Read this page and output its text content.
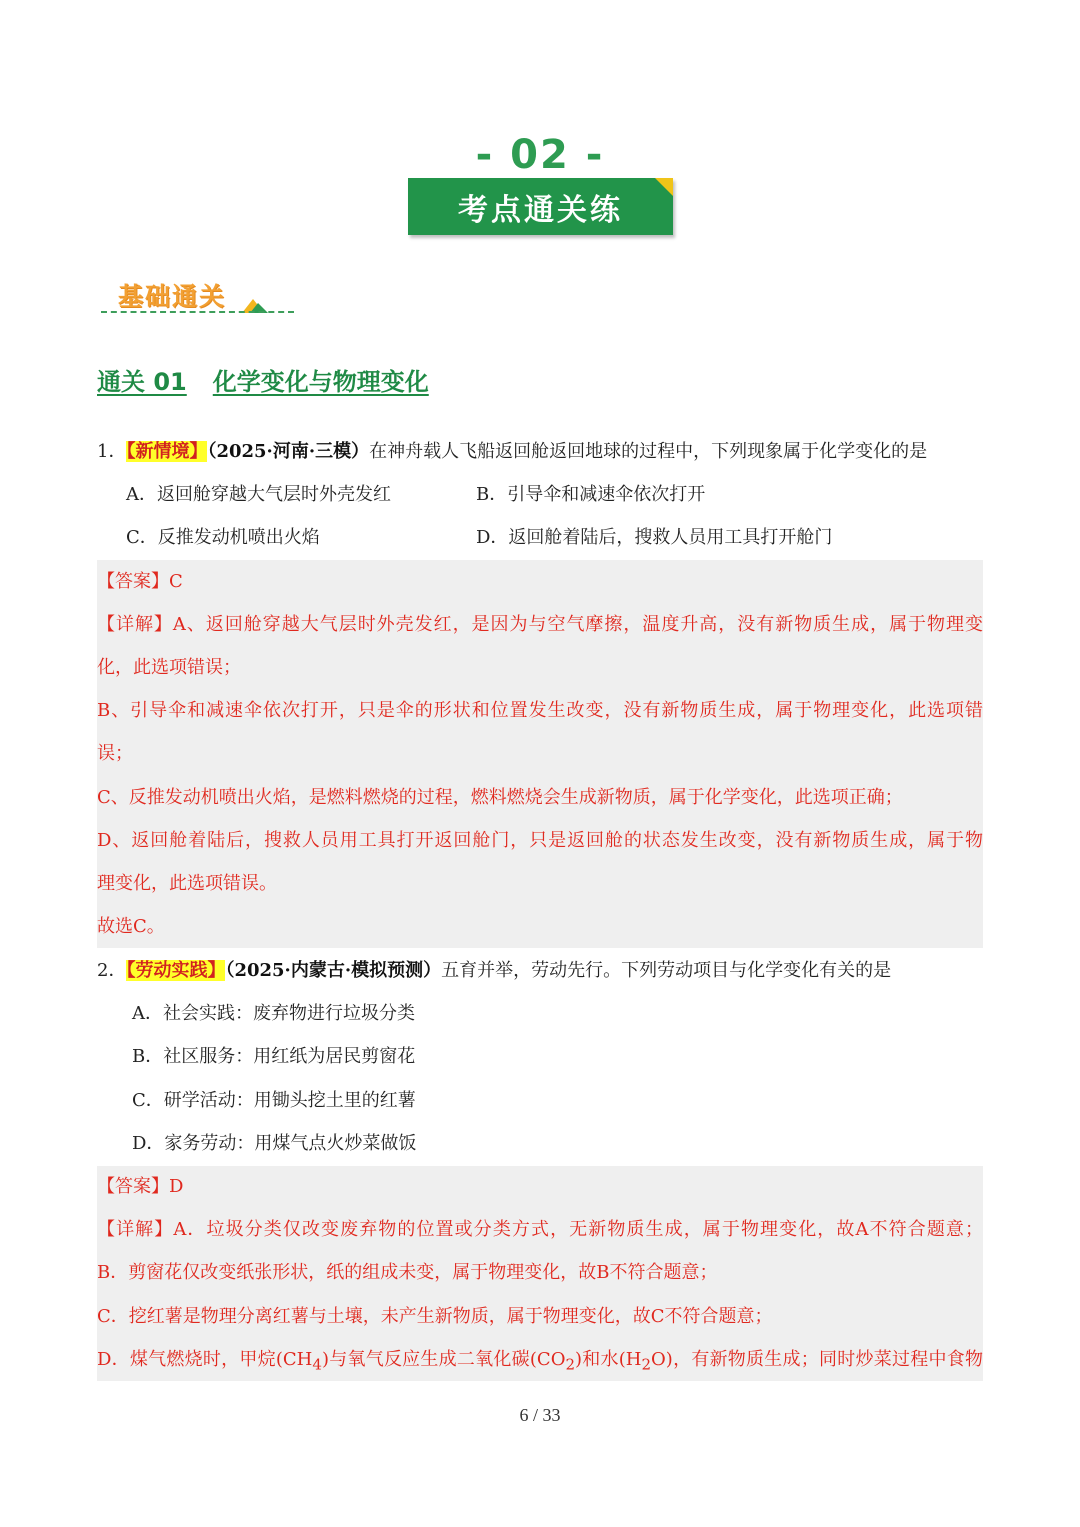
- 02 -
考点通关练
基础通关
通关 01 化学变化与物理变化
1．【新情境】（2025·河南·三模）在神舟载人飞船返回舱返回地球的过程中，下列现象属于化学变化的是
A．返回舱穿越大气层时外壳发红	B．引导伞和减速伞依次打开
C．反推发动机喷出火焰	D．返回舱着陆后，搜救人员用工具打开舱门
【答案】C
【详解】A、返回舱穿越大气层时外壳发红，是因为与空气摩擦，温度升高，没有新物质生成，属于物理变
化，此选项错误；
B、引导伞和减速伞依次打开，只是伞的形状和位置发生改变，没有新物质生成，属于物理变化，此选项错
误；
C、反推发动机喷出火焰，是燃料燃烧的过程，燃料燃烧会生成新物质，属于化学变化，此选项正确；
D、返回舱着陆后，搜救人员用工具打开返回舱门，只是返回舱的状态发生改变，没有新物质生成，属于物
理变化，此选项错误。
故选C。
2．【劳动实践】（2025·内蒙古·模拟预测）五育并举，劳动先行。下列劳动项目与化学变化有关的是
A．社会实践：废弃物进行垃圾分类
B．社区服务：用红纸为居民剪窗花
C．研学活动：用锄头挖土里的红薯
D．家务劳动：用煤气点火炒菜做饭
【答案】D
【详解】A．垃圾分类仅改变废弃物的位置或分类方式，无新物质生成，属于物理变化，故A不符合题意；
B．剪窗花仅改变纸张形状，纸的组成未变，属于物理变化，故B不符合题意；
C．挖红薯是物理分离红薯与土壤，未产生新物质，属于物理变化，故C不符合题意；
D．煤气燃烧时，甲烷$(CH_4)$与氧气反应生成二氧化碳$(CO_2)$和水$(H_2O)$，有新物质生成；同时炒菜过程中食物
6 / 33
